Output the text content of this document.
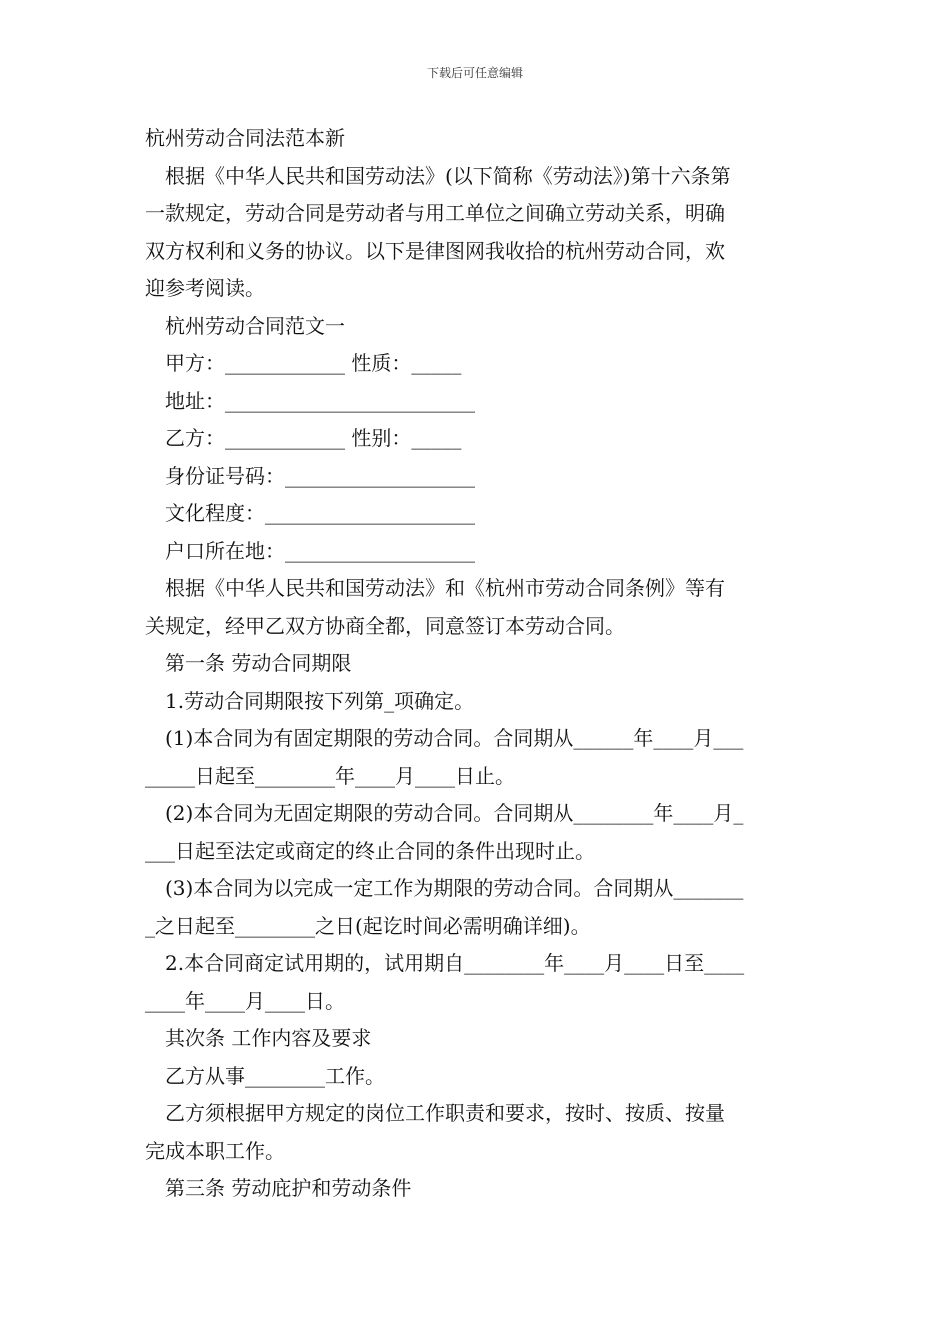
下载后可任意编辑
杭州劳动合同法范本新
根据《中华人民共和国劳动法》(以下简称《劳动法》)第十六条第
一款规定，劳动合同是劳动者与用工单位之间确立劳动关系，明确
双方权利和义务的协议。以下是律图网我收拾的杭州劳动合同，欢
迎参考阅读。
杭州劳动合同范文一
甲方：____________ 性质：_____
地址：_________________________
乙方：____________ 性别：_____
身份证号码：___________________
文化程度：_____________________
户口所在地：___________________
根据《中华人民共和国劳动法》和《杭州市劳动合同条例》等有
关规定，经甲乙双方协商全都，同意签订本劳动合同。
第一条 劳动合同期限
1.劳动合同期限按下列第_项确定。
(1)本合同为有固定期限的劳动合同。合同期从______年____月___
_____日起至________年____月____日止。
(2)本合同为无固定期限的劳动合同。合同期从________年____月_
___日起至法定或商定的终止合同的条件出现时止。
(3)本合同为以完成一定工作为期限的劳动合同。合同期从_______
_之日起至________之日(起讫时间必需明确详细)。
2.本合同商定试用期的，试用期自________年____月____日至____
____年____月____日。
其次条 工作内容及要求
乙方从事________工作。
乙方须根据甲方规定的岗位工作职责和要求，按时、按质、按量
完成本职工作。
第三条 劳动庇护和劳动条件
